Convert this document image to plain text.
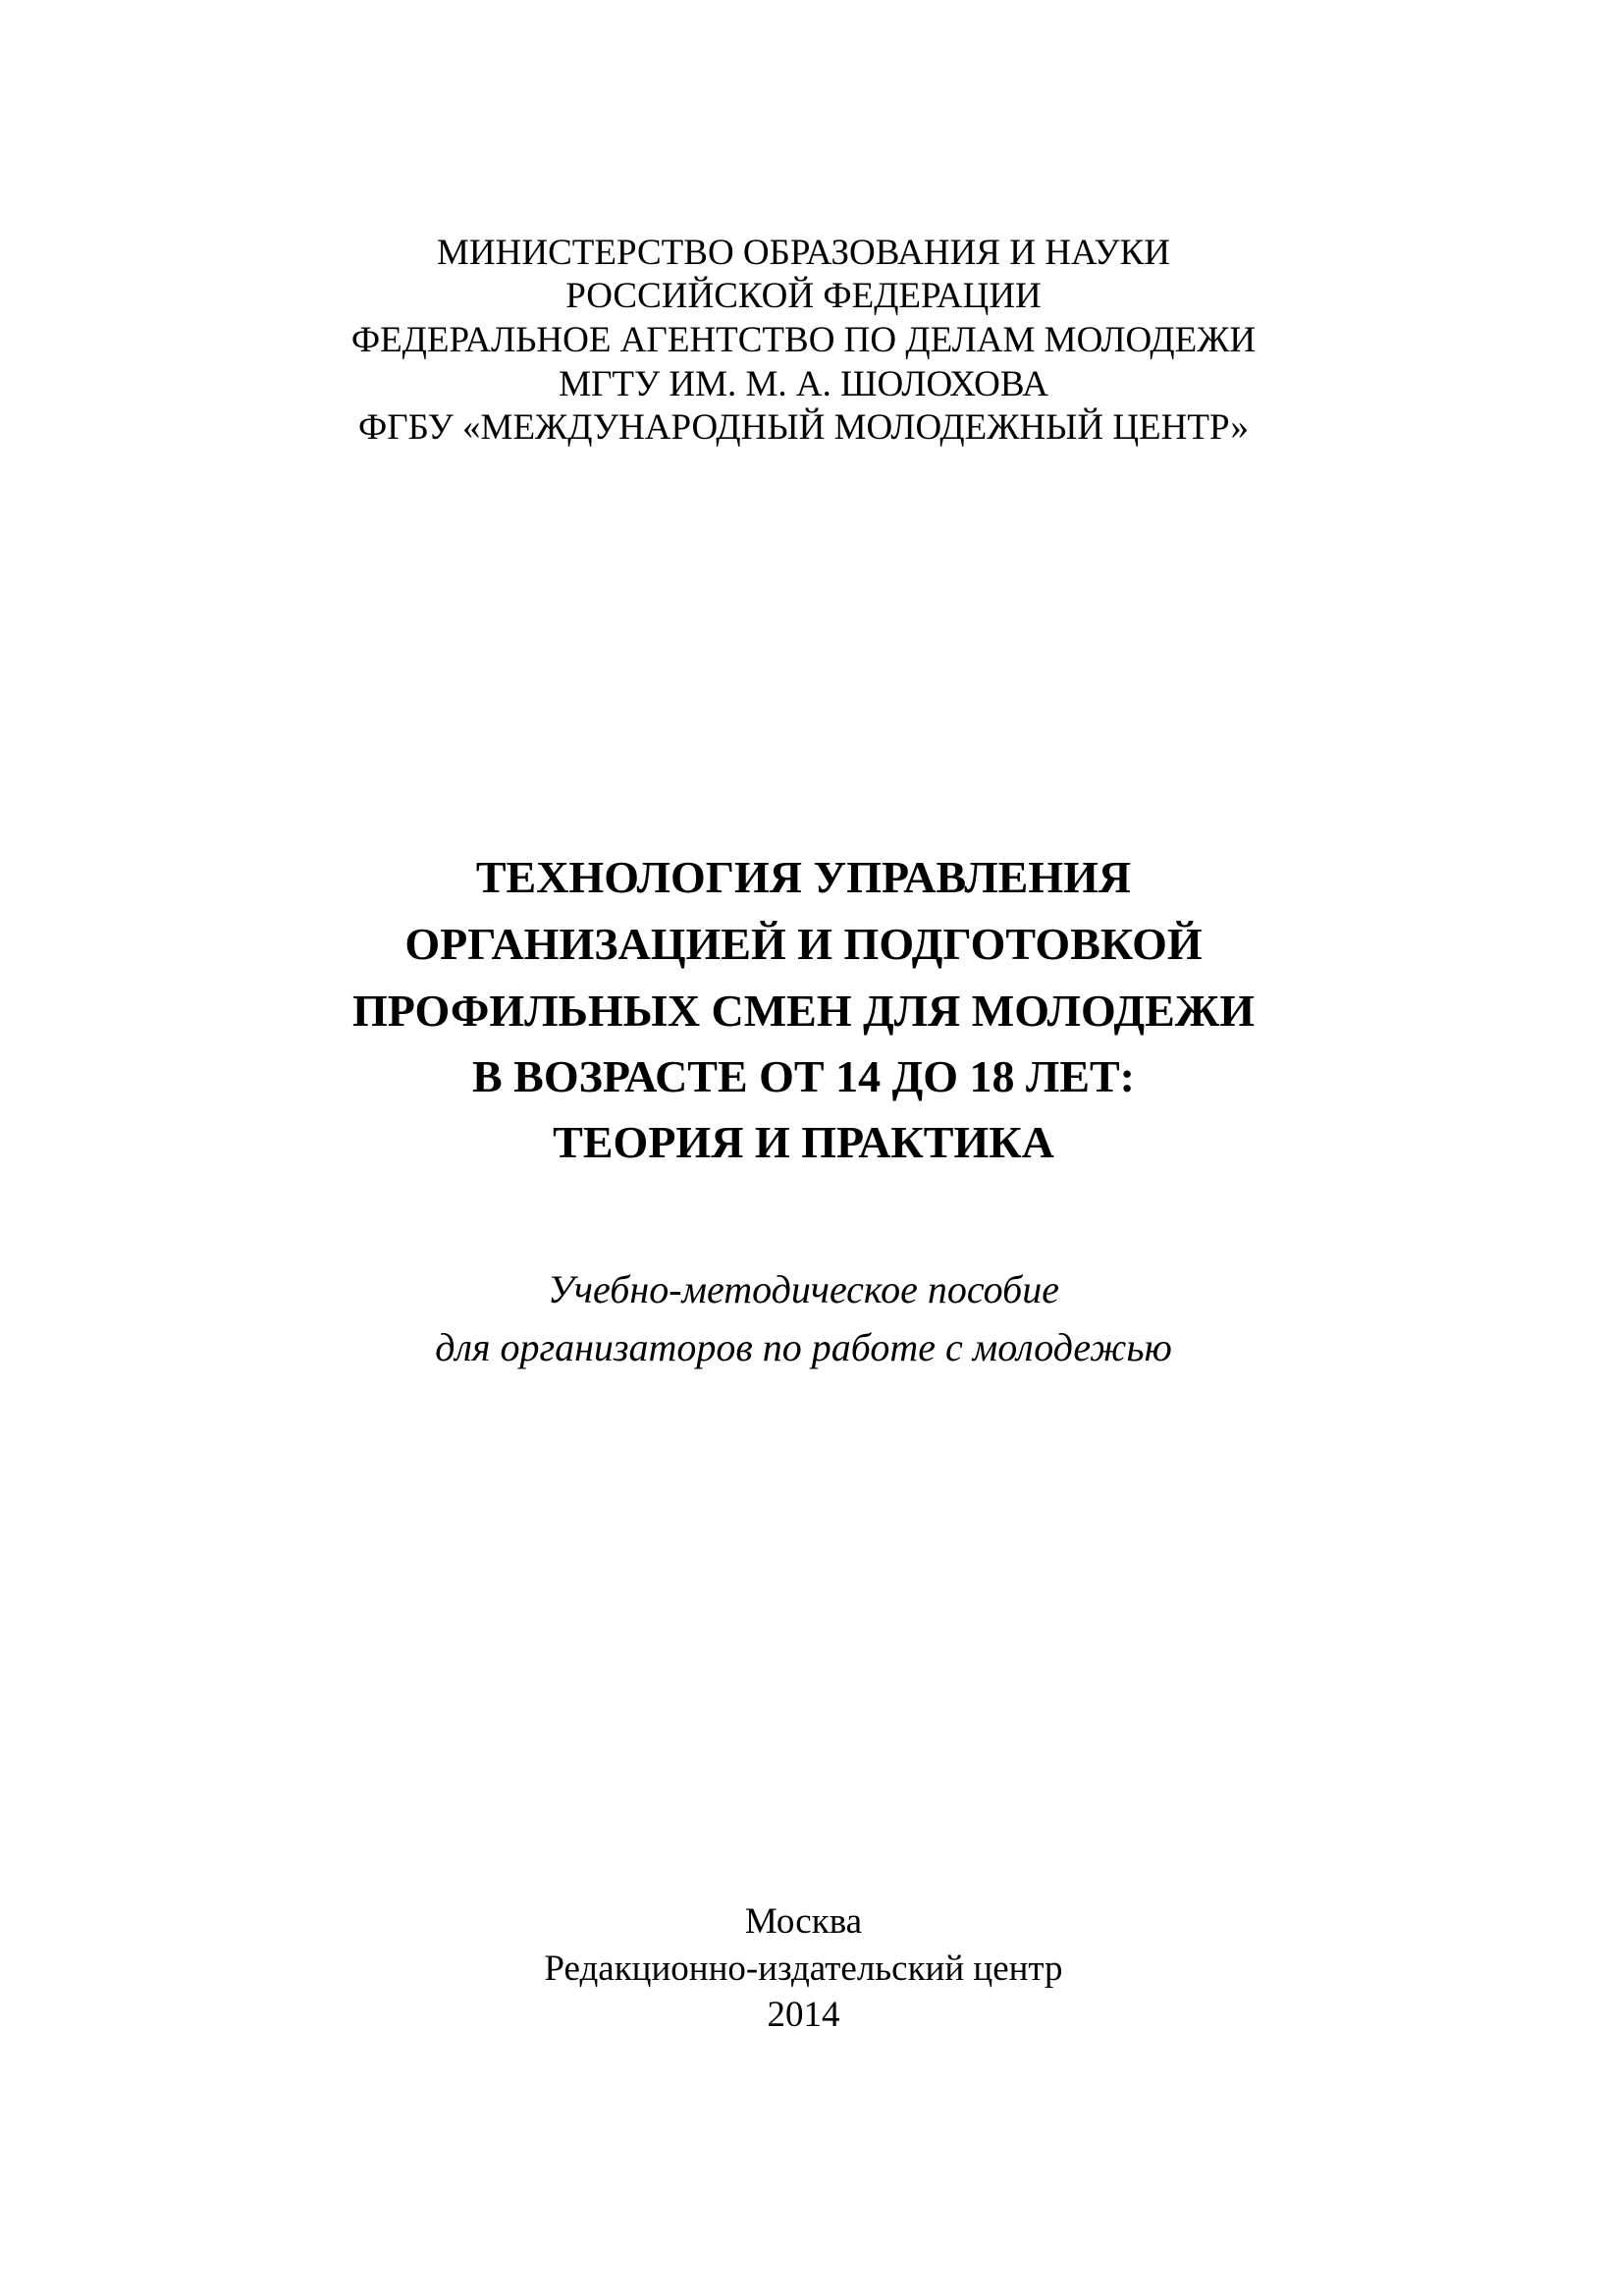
МИНИСТЕРСТВО ОБРАЗОВАНИЯ И НАУКИ
РОССИЙСКОЙ ФЕДЕРАЦИИ
ФЕДЕРАЛЬНОЕ АГЕНТСТВО ПО ДЕЛАМ МОЛОДЕЖИ
МГТУ ИМ. М. А. ШОЛОХОВА
ФГБУ «МЕЖДУНАРОДНЫЙ МОЛОДЕЖНЫЙ ЦЕНТР»
ТЕХНОЛОГИЯ УПРАВЛЕНИЯ
ОРГАНИЗАЦИЕЙ И ПОДГОТОВКОЙ
ПРОФИЛЬНЫХ СМЕН ДЛЯ МОЛОДЕЖИ
В ВОЗРАСТЕ ОТ 14 ДО 18 ЛЕТ:
ТЕОРИЯ И ПРАКТИКА
Учебно-методическое пособие
для организаторов по работе с молодежью
Москва
Редакционно-издательский центр
2014
